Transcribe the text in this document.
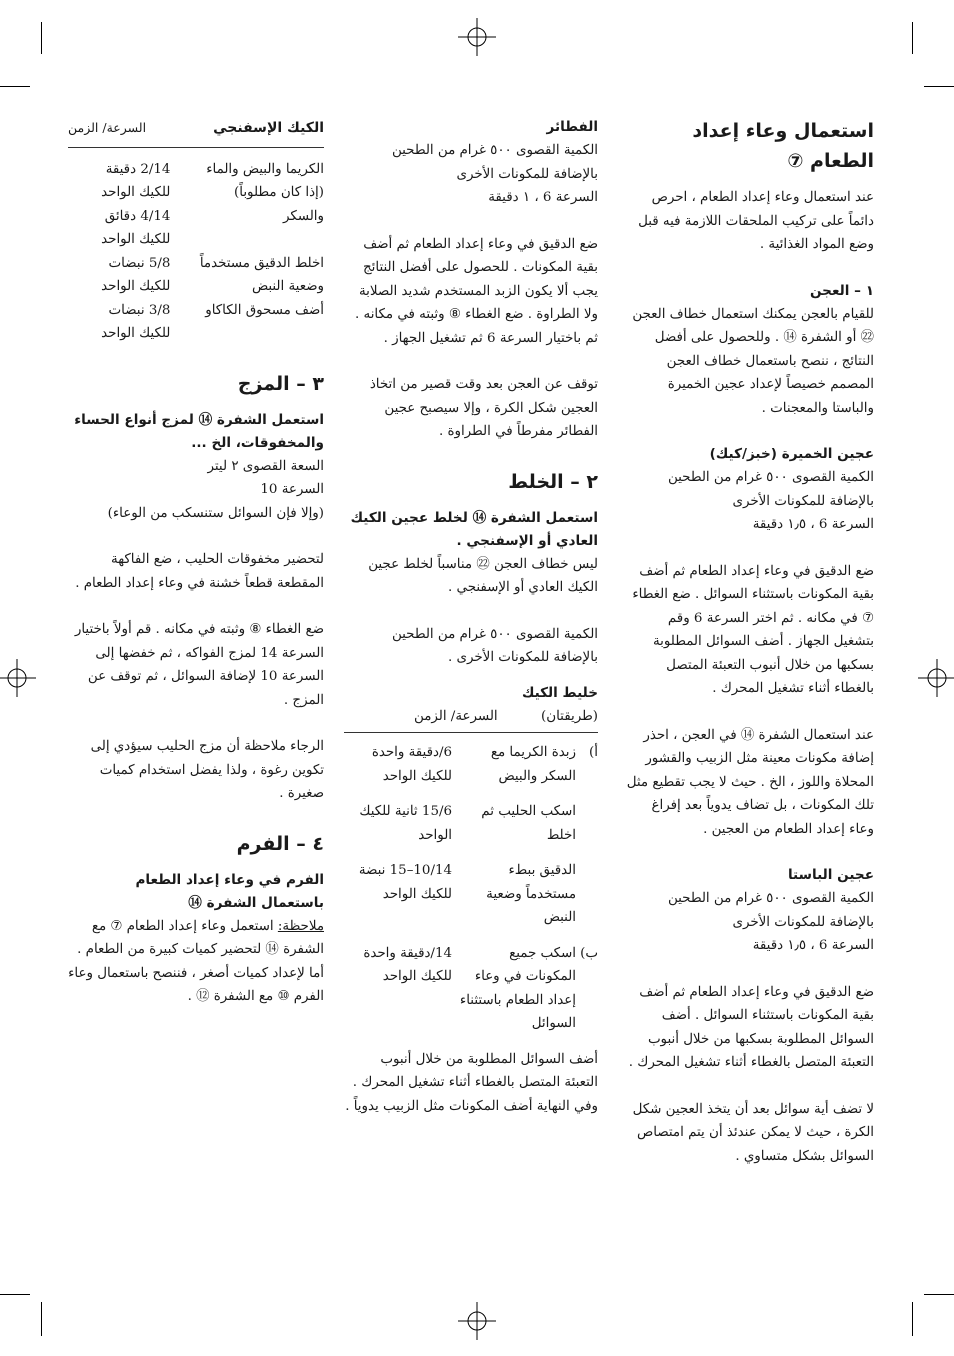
استعمال وعاء إعداد الطعام ⑦

عند استعمال وعاء إعداد الطعام ، احرص دائماً على تركيب الملحقات اللازمة فيه قبل وضع المواد الغذائية .

١ – العجن

للقيام بالعجن يمكنك استعمال خطاف العجن ㉒ أو الشفرة ⑭ . وللحصول على أفضل النتائج ، ننصح باستعمال خطاف العجن المصمم خصيصاً لإعداد عجين الخميرة والباستا والمعجنات .

عجين الخميرة (خبز/كيك)

الكمية القصوى ٥٠٠ غرام من الطحين بالإضافة للمكونات الأخرى

السرعة 6 ، ١٫٥ دقيقة

ضع الدقيق في وعاء إعداد الطعام ثم أضف بقية المكونات باستثناء السوائل . ضع الغطاء ⑦ في مكانه . ثم اختر السرعة 6 وقم بتشغيل الجهاز . أضف السوائل المطلوبة بسكبها من خلال أنبوب التعبئة المتصل بالغطاء أثناء تشغيل المحرك .

عند استعمال الشفرة ⑭ في العجن ، احذر إضافة مكونات معينة مثل الزبيب والقشور المحلاة واللوز ، الخ . حيث لا يجب تقطيع مثل تلك المكونات ، بل تضاف يدوياً بعد إفراغ وعاء إعداد الطعام من العجين .

عجين الباستا

الكمية القصوى ٥٠٠ غرام من الطحين بالإضافة للمكونات الأخرى

السرعة 6 ، ١٫٥ دقيقة

ضع الدقيق في وعاء إعداد الطعام ثم أضف بقية المكونات باستثناء السوائل . أضف السوائل المطلوبة بسكبها من خلال أنبوب التعبئة المتصل بالغطاء أثناء تشغيل المحرك .

لا تضف أية سوائل بعد أن يتخذ العجين شكل الكرة ، حيث لا يمكن عندئذ أن يتم امتصاص السوائل بشكل متساوي .

الفطائر

الكمية القصوى ٥٠٠ غرام من الطحين بالإضافة للمكونات الأخرى

السرعة 6 ، ١ دقيقة

ضع الدقيق في وعاء إعداد الطعام ثم أضف بقية المكونات . للحصول على أفضل النتائج يجب ألا يكون الزبد المستخدم شديد الصلابة ولا الطراوة . ضع الغطاء ⑧ وثبته في مكانه . ثم باختيار السرعة 6 ثم تشغيل الجهاز .

توقف عن العجن بعد وقت قصير من اتخاذ العجين شكل الكرة ، وإلا سيصبح عجين الفطائر مفرطاً في الطراوة .

٢ – الخلط
استعمل الشفرة ⑭ لخلط عجين الكيك العادي أو الإسفنجي .

ليس خطاف العجن ㉒ مناسباً لخلط عجين الكيك العادي أو الإسفنجي .

الكمية القصوى ٥٠٠ غرام من الطحين بالإضافة للمكونات الأخرى .

خليط الكيك

(طريقتان)

السرعة/ الزمن
أ)
زبدة الكريما مع السكر والبيض
6/دقيقة واحدة للكيك الواحد
اسكب الحليب ثم اخلط
15/6 ثانية للكيك الواحد
الدقيق ببطء مستخدماً وضعية النبض
10/14–15 نبضة للكيك الواحد
ب)
اسكب جميع المكونات في وعاء إعداد الطعام باستثناء السوائل
14/دقيقة واحدة للكيك الواحد

أضف السوائل المطلوبة من خلال أنبوب التعبئة المتصل بالغطاء أثناء تشغيل المحرك . وفي النهاية أضف المكونات مثل الزبيب يدوياً .

الكيك الإسفنجي
السرعة/ الزمن
الكريما والبيض والماء
2/14 دقيقة
(إذا كان مطلوباً)
للكيك الواحد
والسكر
4/14 دقائق
للكيك الواحد
اخلط الدقيق مستخدماً
5/8 نبضات
وضعية النبض
للكيك الواحد
أضف مسحوق الكاكاو
3/8 نبضات
للكيك الواحد
٣ – المزج
استعمل الشفرة ⑭ لمزج أنواع الحساء والمخفوقات، الخ ...

السعة القصوى ٢ ليتر

السرعة 10

(وإلا فإن السوائل ستنسكب من الوعاء)

لتحضير مخفوقات الحليب ، ضع الفاكهة المقطعة قطعاً خشنة في وعاء إعداد الطعام .

ضع الغطاء ⑧ وثبته في مكانه . قم أولاً باختيار السرعة 14 لمزج الفواكه ، ثم خفضها إلى السرعة 10 لإضافة السوائل ، ثم توقف عن المزج .

الرجاء ملاحظة أن مزج الحليب سيؤدي إلى تكوين رغوة ، ولذا يفضل استخدام كميات صغيرة .

٤ – الفرم
الفرم في وعاء إعداد الطعام باستعمال الشفرة ⑭

ملاحظة: استعمل وعاء إعداد الطعام ⑦ مع الشفرة ⑭ لتحضير كميات كبيرة من الطعام . أما لإعداد كميات أصغر ، فننصح باستعمال وعاء الفرم ⑩ مع الشفرة ⑫ .
